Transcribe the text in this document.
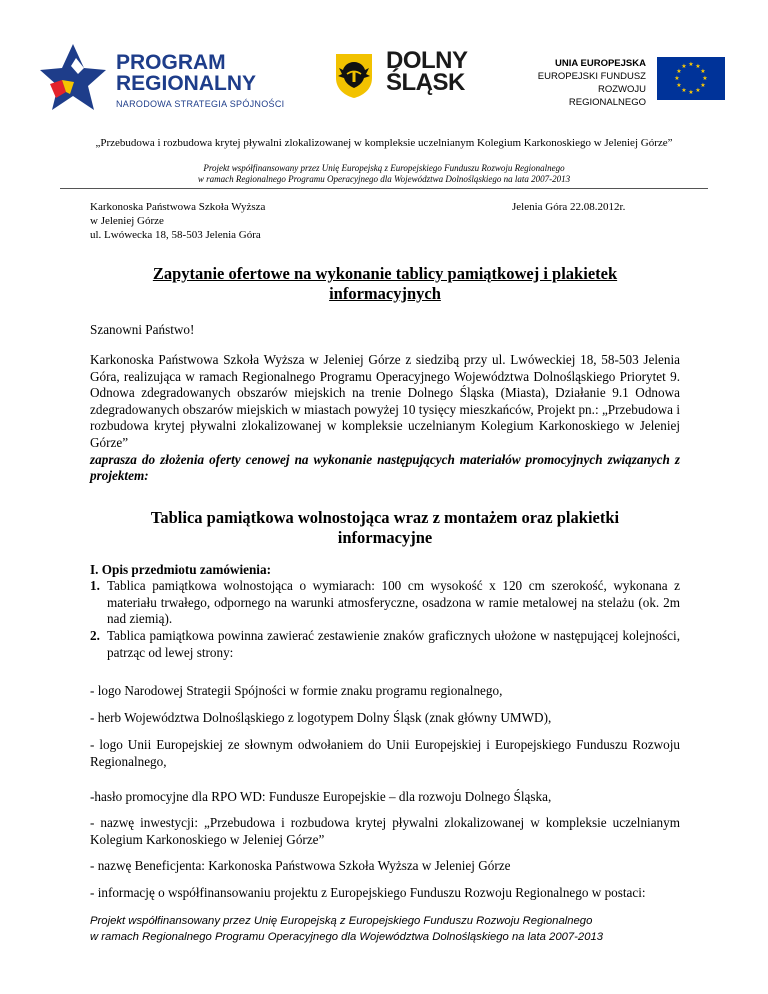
PROGRAM
REGIONALNY
NARODOWA STRATEGIA SPÓJNOŚCI
DOLNY
ŚLĄSK
UNIA EUROPEJSKA
EUROPEJSKI FUNDUSZ
ROZWOJU REGIONALNEGO
★ ★
★
★
★
★
★
★
★
★
★
★
„Przebudowa i rozbudowa krytej pływalni zlokalizowanej w kompleksie uczelnianym Kolegium Karkonoskiego w Jeleniej Górze”
Projekt współfinansowany przez Unię Europejską z Europejskiego Funduszu Rozwoju Regionalnego
w ramach Regionalnego Programu Operacyjnego dla Województwa Dolnośląskiego na lata 2007-2013
Karkonoska Państwowa Szkoła Wyższa
w Jeleniej Górze
ul. Lwówecka 18, 58-503 Jelenia Góra
Jelenia Góra 22.08.2012r.
Zapytanie ofertowe na wykonanie tablicy pamiątkowej i plakietek
informacyjnych
Szanowni Państwo!
Karkonoska Państwowa Szkoła Wyższa w Jeleniej Górze z siedzibą przy ul. Lwóweckiej 18, 58-503 Jelenia Góra, realizująca w ramach Regionalnego Programu Operacyjnego Województwa Dolnośląskiego Priorytet 9. Odnowa zdegradowanych obszarów miejskich na trenie Dolnego Śląska (Miasta), Działanie 9.1 Odnowa zdegradowanych obszarów miejskich w miastach powyżej 10 tysięcy mieszkańców, Projekt pn.: „Przebudowa i rozbudowa krytej pływalni zlokalizowanej w kompleksie uczelnianym Kolegium Karkonoskiego w Jeleniej Górze”
zaprasza do złożenia oferty cenowej na wykonanie następujących materiałów promocyjnych związanych z projektem:
Tablica pamiątkowa wolnostojąca wraz z montażem oraz plakietki
informacyjne
I. Opis przedmiotu zamówienia:
1. Tablica pamiątkowa wolnostojąca o wymiarach: 100 cm wysokość x 120 cm szerokość, wykonana z materiału trwałego, odpornego na warunki atmosferyczne, osadzona w ramie metalowej na stelażu (ok. 2m nad ziemią).
2. Tablica pamiątkowa powinna zawierać zestawienie znaków graficznych ułożone w następującej kolejności, patrząc od lewej strony:
- logo Narodowej Strategii Spójności w formie znaku programu regionalnego,
- herb Województwa Dolnośląskiego z logotypem Dolny Śląsk (znak główny UMWD),
- logo Unii Europejskiej ze słownym odwołaniem do Unii Europejskiej i Europejskiego Funduszu Rozwoju Regionalnego,
-hasło promocyjne dla RPO WD: Fundusze Europejskie – dla rozwoju Dolnego Śląska,
- nazwę inwestycji: „Przebudowa i rozbudowa krytej pływalni zlokalizowanej w kompleksie uczelnianym Kolegium Karkonoskiego w Jeleniej Górze”
- nazwę Beneficjenta: Karkonoska Państwowa Szkoła Wyższa w Jeleniej Górze
- informację o współfinansowaniu projektu z Europejskiego Funduszu Rozwoju Regionalnego w postaci:
Projekt współfinansowany przez Unię Europejską z Europejskiego Funduszu Rozwoju Regionalnego
w ramach Regionalnego Programu Operacyjnego dla Województwa Dolnośląskiego na lata 2007-2013
